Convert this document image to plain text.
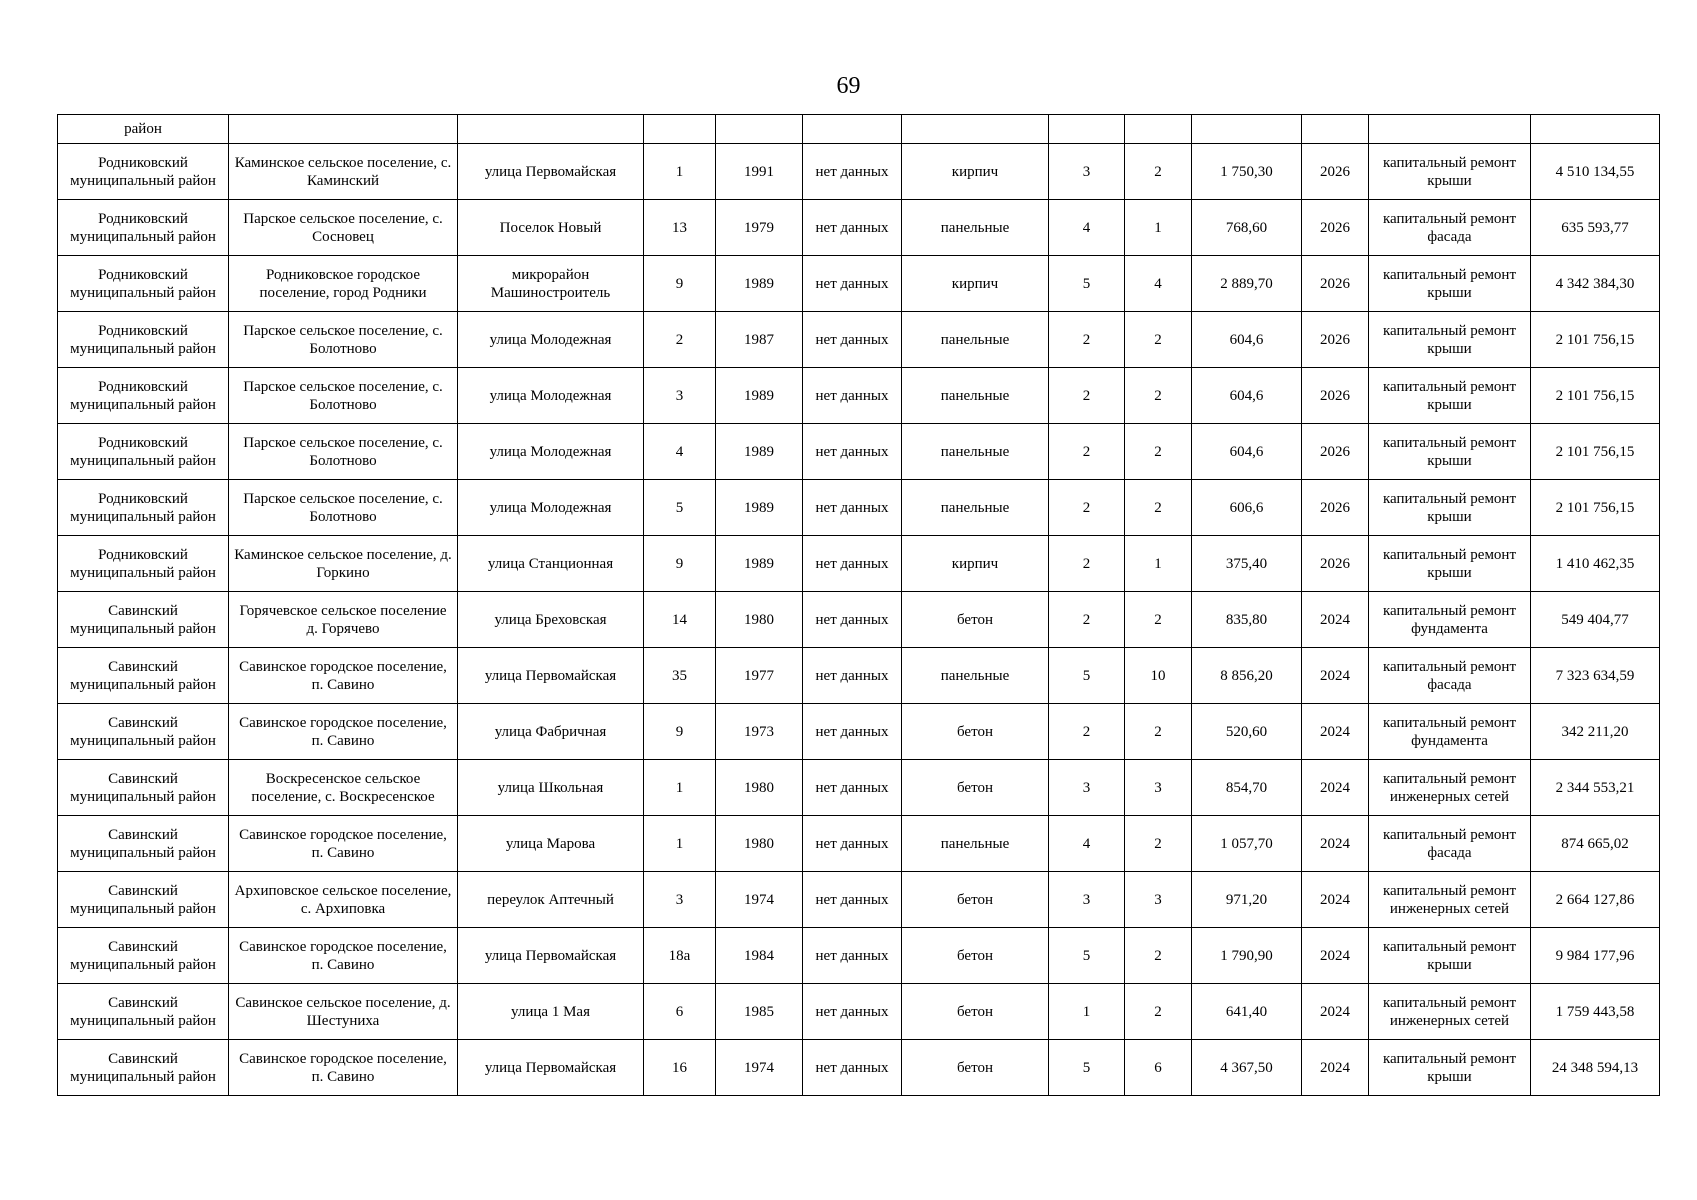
69
район												
Родниковский муниципальный район	Каминское сельское поселение, с. Каминский	улица Первомайская	1	1991	нет данных	кирпич	3	2	1 750,30	2026	капитальный ремонт крыши	4 510 134,55
Родниковский муниципальный район	Парское сельское поселение, с. Сосновец	Поселок Новый	13	1979	нет данных	панельные	4	1	768,60	2026	капитальный ремонт фасада	635 593,77
Родниковский муниципальный район	Родниковское городское поселение, город Родники	микрорайон Машиностроитель	9	1989	нет данных	кирпич	5	4	2 889,70	2026	капитальный ремонт крыши	4 342 384,30
Родниковский муниципальный район	Парское сельское поселение, с. Болотново	улица Молодежная	2	1987	нет данных	панельные	2	2	604,6	2026	капитальный ремонт крыши	2 101 756,15
Родниковский муниципальный район	Парское сельское поселение, с. Болотново	улица Молодежная	3	1989	нет данных	панельные	2	2	604,6	2026	капитальный ремонт крыши	2 101 756,15
Родниковский муниципальный район	Парское сельское поселение, с. Болотново	улица Молодежная	4	1989	нет данных	панельные	2	2	604,6	2026	капитальный ремонт крыши	2 101 756,15
Родниковский муниципальный район	Парское сельское поселение, с. Болотново	улица Молодежная	5	1989	нет данных	панельные	2	2	606,6	2026	капитальный ремонт крыши	2 101 756,15
Родниковский муниципальный район	Каминское сельское поселение, д. Горкино	улица Станционная	9	1989	нет данных	кирпич	2	1	375,40	2026	капитальный ремонт крыши	1 410 462,35
Савинский муниципальный район	Горячевское сельское поселение д. Горячево	улица Бреховская	14	1980	нет данных	бетон	2	2	835,80	2024	капитальный ремонт фундамента	549 404,77
Савинский муниципальный район	Савинское городское поселение, п. Савино	улица Первомайская	35	1977	нет данных	панельные	5	10	8 856,20	2024	капитальный ремонт фасада	7 323 634,59
Савинский муниципальный район	Савинское городское поселение, п. Савино	улица Фабричная	9	1973	нет данных	бетон	2	2	520,60	2024	капитальный ремонт фундамента	342 211,20
Савинский муниципальный район	Воскресенское сельское поселение, с. Воскресенское	улица Школьная	1	1980	нет данных	бетон	3	3	854,70	2024	капитальный ремонт инженерных сетей	2 344 553,21
Савинский муниципальный район	Савинское городское поселение, п. Савино	улица Марова	1	1980	нет данных	панельные	4	2	1 057,70	2024	капитальный ремонт фасада	874 665,02
Савинский муниципальный район	Архиповское сельское поселение, с. Архиповка	переулок Аптечный	3	1974	нет данных	бетон	3	3	971,20	2024	капитальный ремонт инженерных сетей	2 664 127,86
Савинский муниципальный район	Савинское городское поселение, п. Савино	улица Первомайская	18а	1984	нет данных	бетон	5	2	1 790,90	2024	капитальный ремонт крыши	9 984 177,96
Савинский муниципальный район	Савинское сельское поселение, д. Шестуниха	улица 1 Мая	6	1985	нет данных	бетон	1	2	641,40	2024	капитальный ремонт инженерных сетей	1 759 443,58
Савинский муниципальный район	Савинское городское поселение, п. Савино	улица Первомайская	16	1974	нет данных	бетон	5	6	4 367,50	2024	капитальный ремонт крыши	24 348 594,13
